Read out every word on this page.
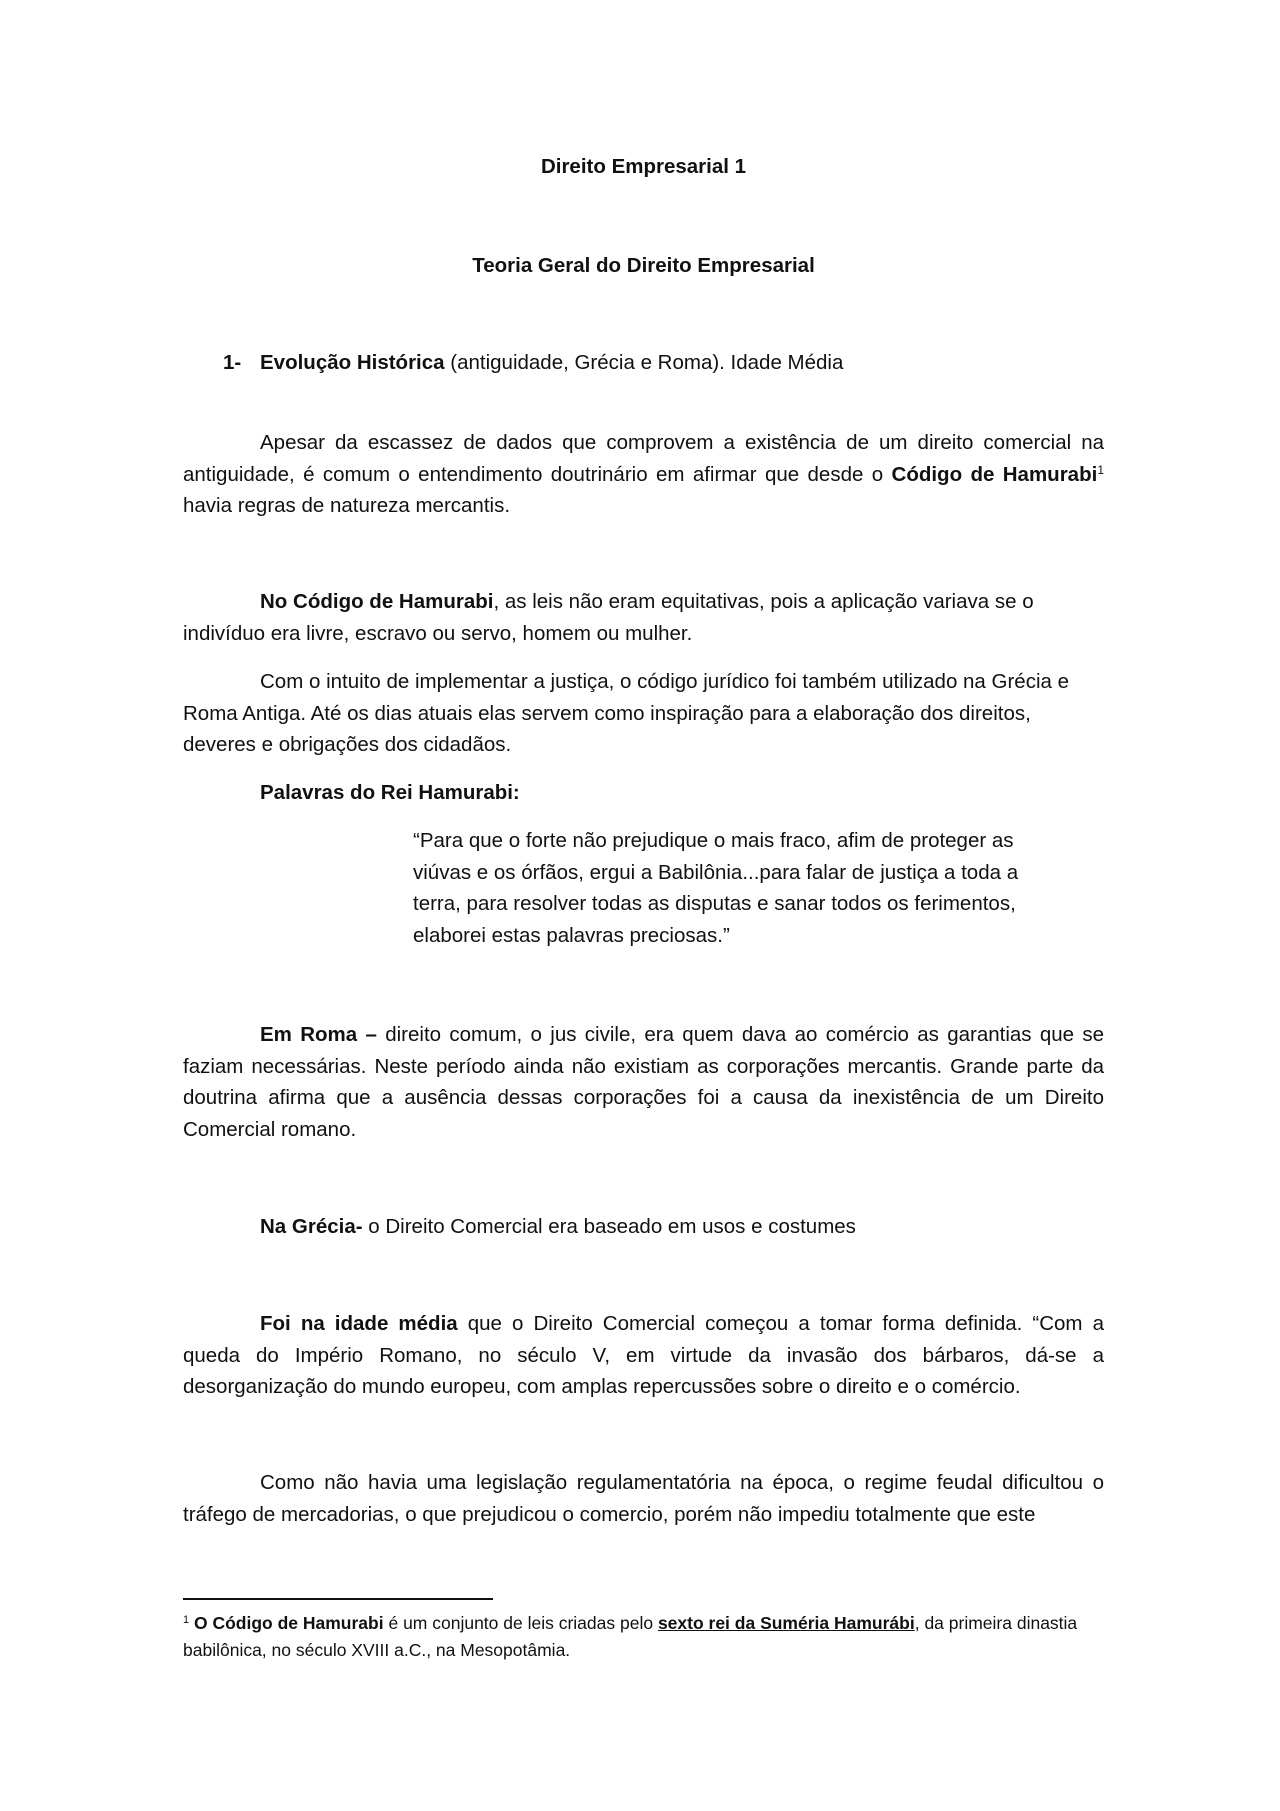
Direito Empresarial 1
Teoria Geral do Direito Empresarial
1- Evolução Histórica (antiguidade, Grécia e Roma). Idade Média
Apesar da escassez de dados que comprovem a existência de um direito comercial na antiguidade, é comum o entendimento doutrinário em afirmar que desde o Código de Hamurabi$^1$ havia regras de natureza mercantis.
No Código de Hamurabi, as leis não eram equitativas, pois a aplicação variava se o indivíduo era livre, escravo ou servo, homem ou mulher.
Com o intuito de implementar a justiça, o código jurídico foi também utilizado na Grécia e Roma Antiga. Até os dias atuais elas servem como inspiração para a elaboração dos direitos, deveres e obrigações dos cidadãos.
Palavras do Rei Hamurabi:
“Para que o forte não prejudique o mais fraco, afim de proteger as
viúvas e os órfãos, ergui a Babilônia...para falar de justiça a toda a
terra, para resolver todas as disputas e sanar todos os ferimentos,
elaborei estas palavras preciosas.”
Em Roma – direito comum, o jus civile, era quem dava ao comércio as garantias que se faziam necessárias. Neste período ainda não existiam as corporações mercantis. Grande parte da doutrina afirma que a ausência dessas corporações foi a causa da inexistência de um Direito Comercial romano.
Na Grécia- o Direito Comercial era baseado em usos e costumes
Foi na idade média que o Direito Comercial começou a tomar forma definida. “Com a queda do Império Romano, no século V, em virtude da invasão dos bárbaros, dá-se a desorganização do mundo europeu, com amplas repercussões sobre o direito e o comércio.
Como não havia uma legislação regulamentatória na época, o regime feudal dificultou o tráfego de mercadorias, o que prejudicou o comercio, porém não impediu totalmente que este
$^1$ O Código de Hamurabi é um conjunto de leis criadas pelo sexto rei da Suméria Hamurábi, da primeira dinastia babilônica, no século XVIII a.C., na Mesopotâmia.
